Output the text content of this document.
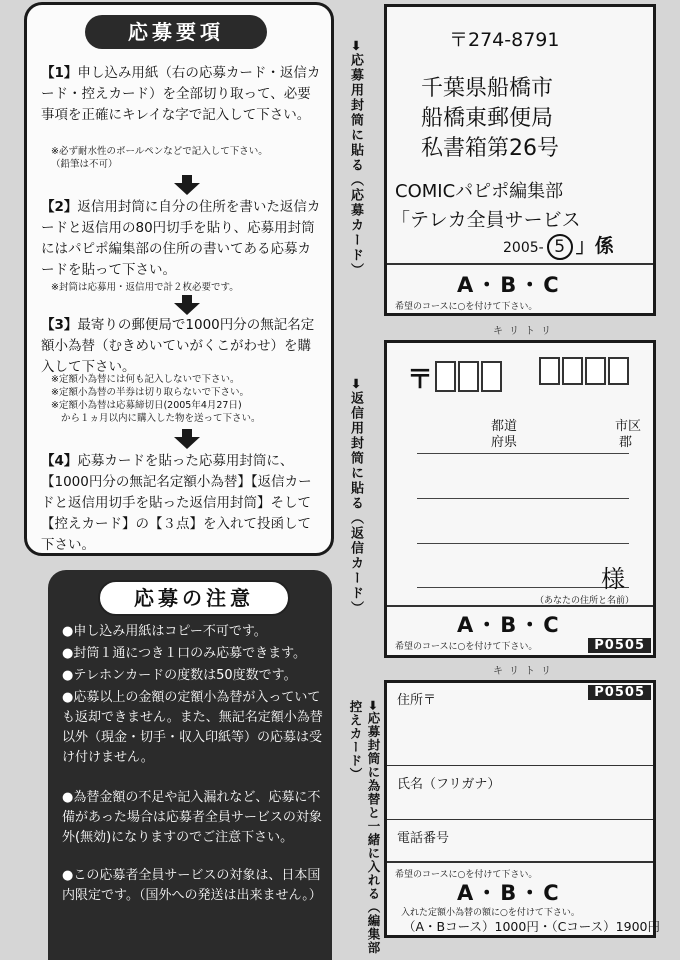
応募要項
【1】申し込み用紙（右の応募カード・返信カード・控えカード）を全部切り取って、必要事項を正確にキレイな字で記入して下さい。
※必ず耐水性のボールペンなどで記入して下さい。
（鉛筆は不可）
【2】返信用封筒に自分の住所を書いた返信カードと返信用の80円切手を貼り、応募用封筒にはパピポ編集部の住所の書いてある応募カードを貼って下さい。
※封筒は応募用・返信用で計２枚必要です。
【3】最寄りの郵便局で1000円分の無記名定額小為替（むきめいていがくこがわせ）を購入して下さい。
※定額小為替には何も記入しないで下さい。
※定額小為替の半券は切り取らないで下さい。
※定額小為替は応募締切日(2005年4月27日)
から１ヵ月以内に購入した物を送って下さい。
【4】応募カードを貼った応募用封筒に、【1000円分の無記名定額小為替】【返信カードと返信用切手を貼った返信用封筒】そして【控えカード】の【３点】を入れて投函して下さい。
応募の注意
●申し込み用紙はコピー不可です。
●封筒１通につき１口のみ応募できます。
●テレホンカードの度数は50度数です。
●応募以上の金額の定額小為替が入っていても返却できません。また、無記名定額小為替以外（現金・切手・収入印紙等）の応募は受け付けません。
●為替金額の不足や記入漏れなど、応募に不備があった場合は応募者全員サービスの対象外(無効)になりますのでご注意下さい。
●この応募者全員サービスの対象は、日本国内限定です。（国外への発送は出来ません。）
➡応募用封筒に貼る（応募カード）
➡返信用封筒に貼る（返信カード）
➡応募封筒に為替と一緒に入れる（編集部控えカード）
〒274-8791
千葉県船橋市
船橋東郵便局
私書箱第26号
COMICパピポ編集部
「テレカ全員サービス
2005- 5 」係
A・B・C
希望のコースに○を付けて下さい。
キリトリ
〒
都道
府県
市区
郡
様
（あなたの住所と名前）
A・B・C
希望のコースに○を付けて下さい。	P0505
キリトリ
P0505
住所〒
氏名（フリガナ）
電話番号
希望のコースに○を付けて下さい。
A・B・C
入れた定額小為替の額に○を付けて下さい。
（A・Bコース）1000円・（Cコース）1900円
